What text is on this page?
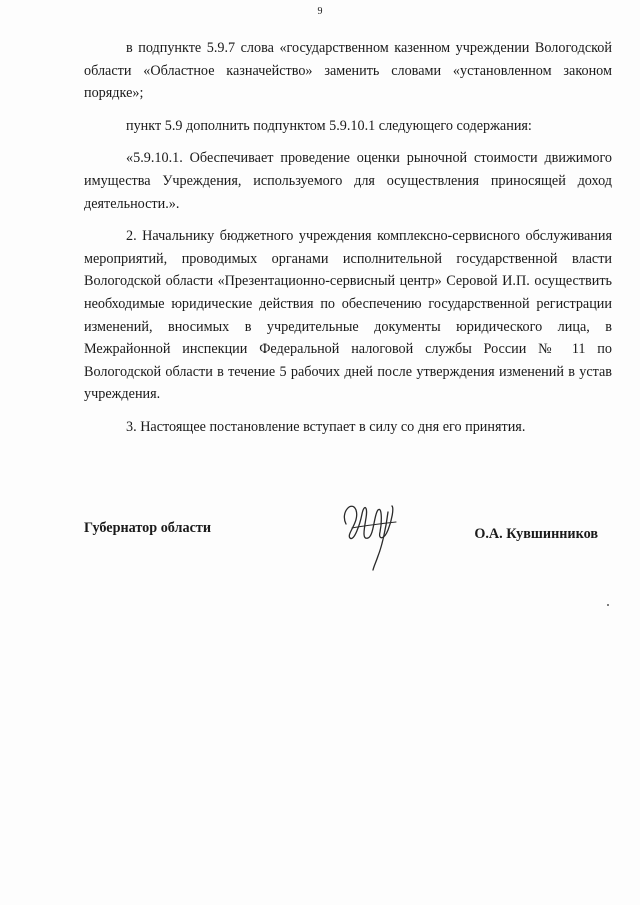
9

в подпункте 5.9.7 слова «государственном казенном учреждении Вологодской области «Областное казначейство» заменить словами «установленном законом порядке»;

пункт 5.9 дополнить подпунктом 5.9.10.1 следующего содержания:

«5.9.10.1. Обеспечивает проведение оценки рыночной стоимости движимого имущества Учреждения, используемого для осуществления приносящей доход деятельности.».

2. Начальнику бюджетного учреждения комплексно-сервисного обслуживания мероприятий, проводимых органами исполнительной государственной власти Вологодской области «Презентационно-сервисный центр» Серовой И.П. осуществить необходимые юридические действия по обеспечению государственной регистрации изменений, вносимых в учредительные документы юридического лица, в Межрайонной инспекции Федеральной налоговой службы России № 11 по Вологодской области в течение 5 рабочих дней после утверждения изменений в устав учреждения.

3. Настоящее постановление вступает в силу со дня его принятия.

Губернатор области	О.А. Кувшинников
